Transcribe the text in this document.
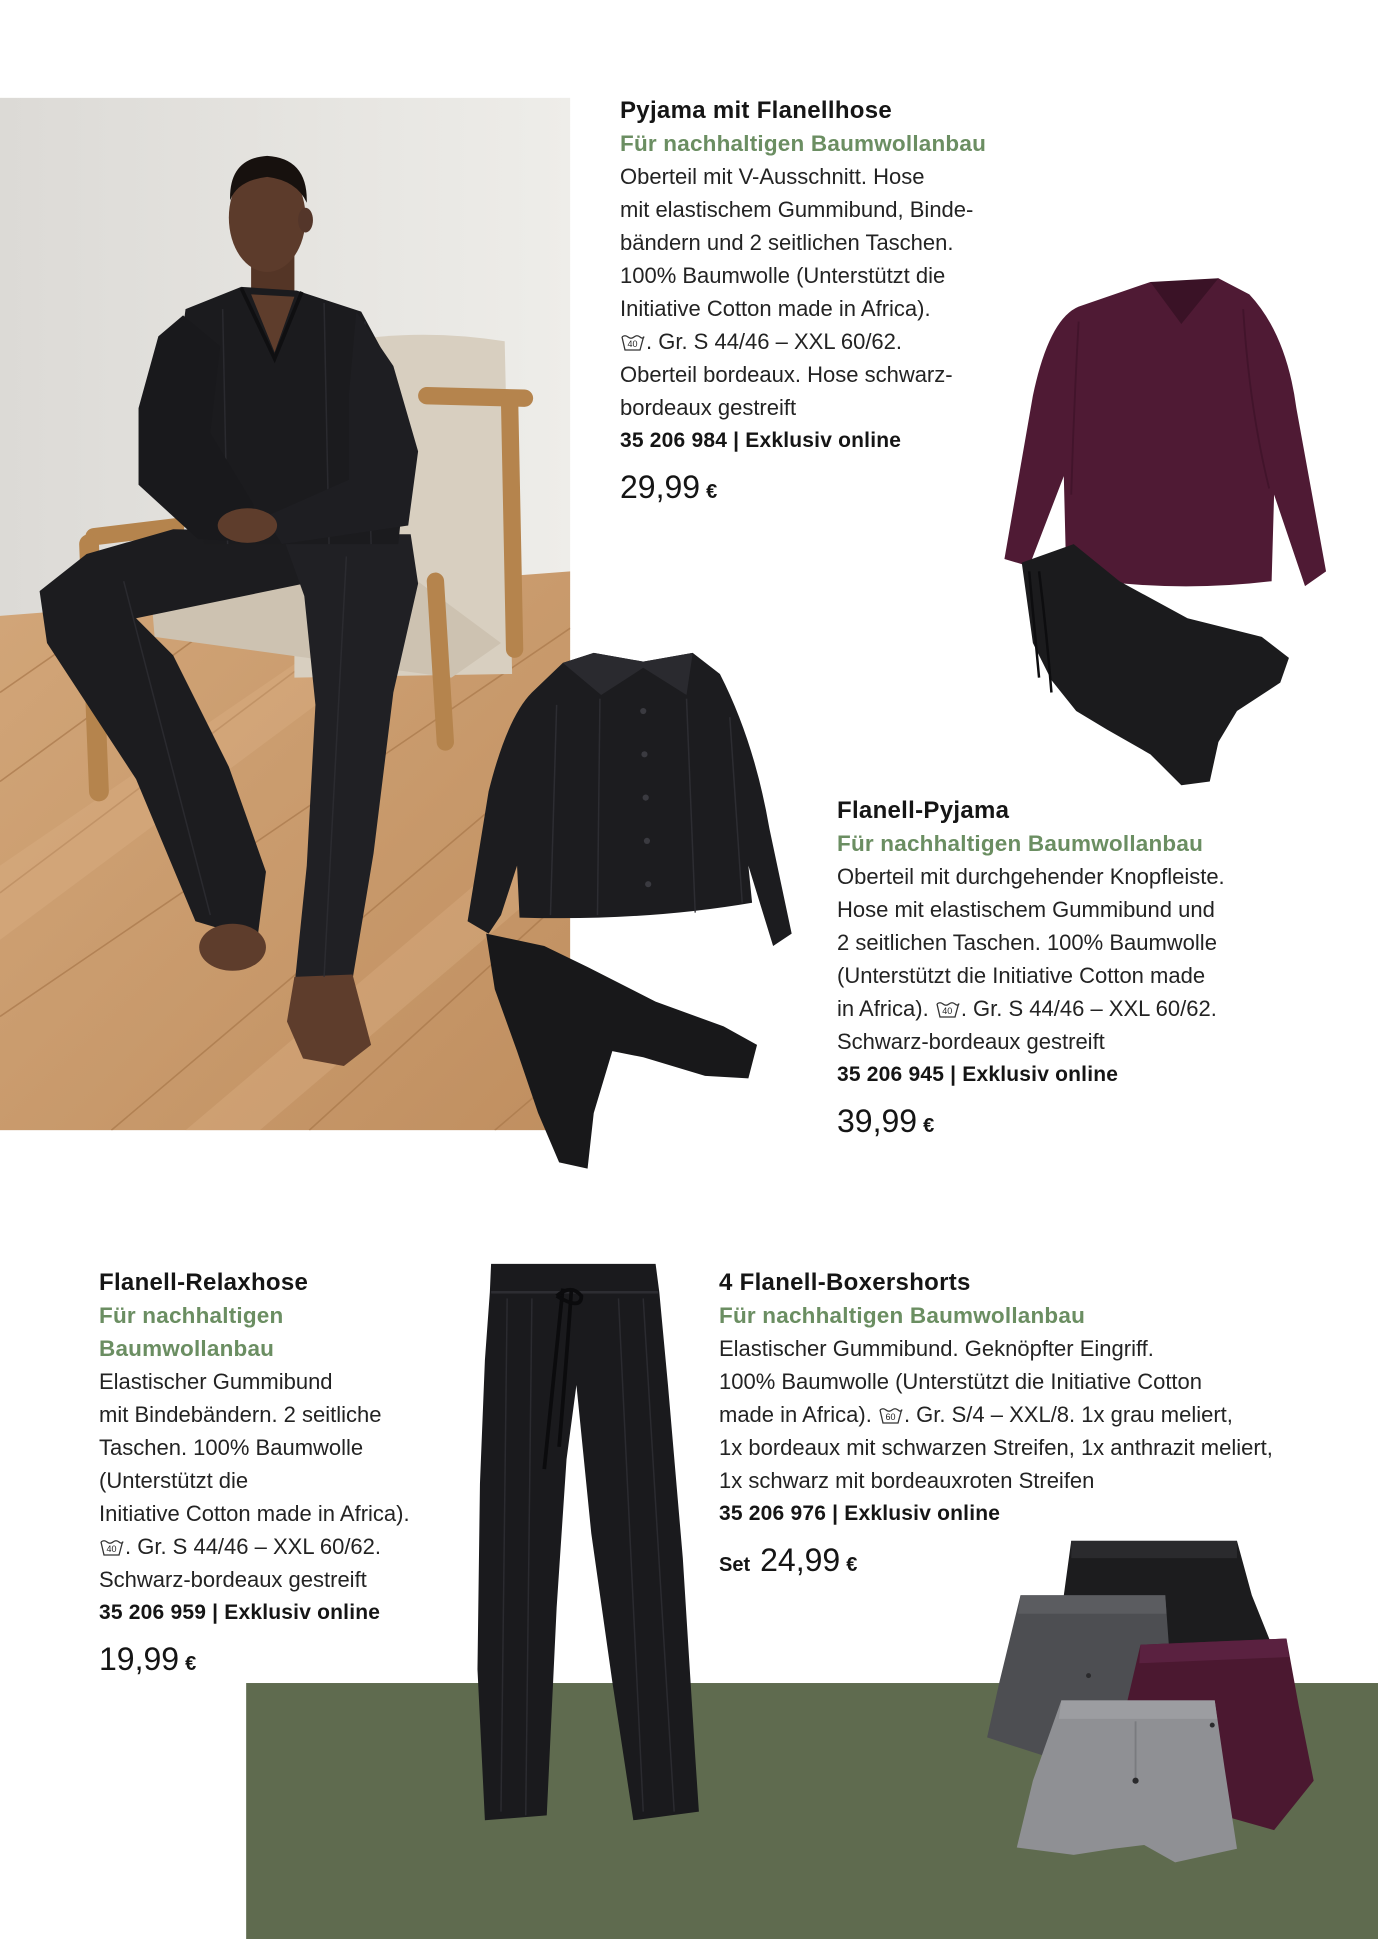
Pyjama mit Flanellhose
Für nachhaltigen Baumwollanbau
Oberteil mit V-Ausschnitt. Hose
mit elastischem Gummibund, Binde-
bändern und 2 seitlichen Taschen.
100% Baumwolle (Unterstützt die
Initiative Cotton made in Africa).
40 . Gr. S 44/46 – XXL 60/62.
Oberteil bordeaux. Hose schwarz-
bordeaux gestreift
35 206 984 | Exklusiv online
29,99 €
Flanell-Pyjama
Für nachhaltigen Baumwollanbau
Oberteil mit durchgehender Knopfleiste.
Hose mit elastischem Gummibund und
2 seitlichen Taschen. 100% Baumwolle
(Unterstützt die Initiative Cotton made
in Africa). 40 . Gr. S 44/46 – XXL 60/62.
Schwarz-bordeaux gestreift
35 206 945 | Exklusiv online
39,99 €
Flanell-Relaxhose
Für nachhaltigen
Baumwollanbau
Elastischer Gummibund
mit Bindebändern. 2 seitliche
Taschen. 100% Baumwolle
(Unterstützt die
Initiative Cotton made in Africa).
40 . Gr. S 44/46 – XXL 60/62.
Schwarz-bordeaux gestreift
35 206 959 | Exklusiv online
19,99 €
4 Flanell-Boxershorts
Für nachhaltigen Baumwollanbau
Elastischer Gummibund. Geknöpfter Eingriff.
100% Baumwolle (Unterstützt die Initiative Cotton
made in Africa). 60 . Gr. S/4 – XXL/8. 1x grau meliert,
1x bordeaux mit schwarzen Streifen, 1x anthrazit meliert,
1x schwarz mit bordeauxroten Streifen
35 206 976 | Exklusiv online
Set 24,99 €
